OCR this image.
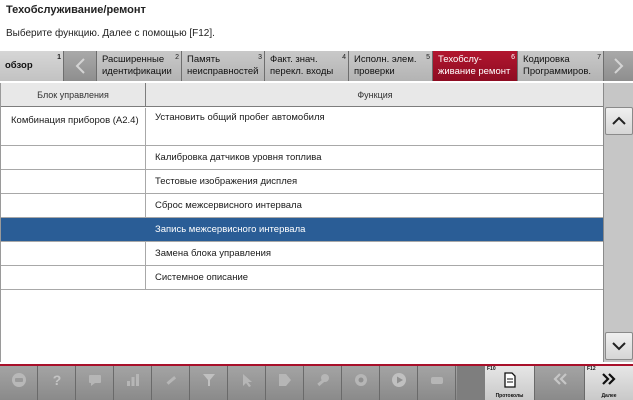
Техобслуживание/ремонт
Выберите функцию. Далее с помощью [F12].
обзор
1	Расширенные
идентификации
2 Память
неисправностей
3 Факт. знач.
перекл. входы
4 Исполн. элем.
проверки
5 Техобслу-
живание ремонт
6 Кодировка
Программиров.
7
Блок управления	Функция
Комбинация приборов (A2.4)	Установить общий пробег автомобиля
Калибровка датчиков уровня топлива
Тестовые изображения дисплея
Сброс межсервисного интервала
Запись межсервисного интервала
Замена блока управления
Системное описание
?
F10
Протоколы
F12
Далее
